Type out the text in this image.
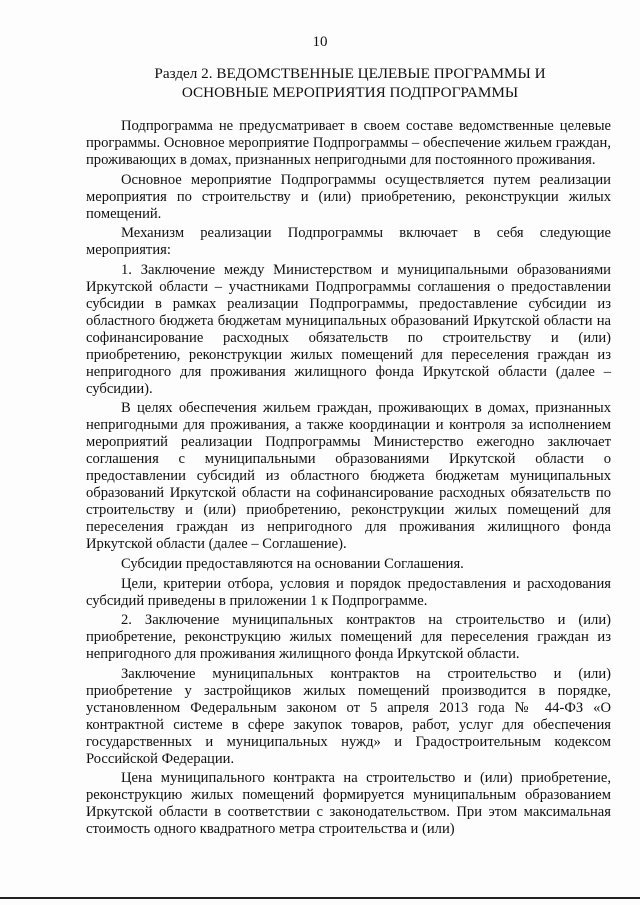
10
Раздел 2. ВЕДОМСТВЕННЫЕ ЦЕЛЕВЫЕ ПРОГРАММЫ И
ОСНОВНЫЕ МЕРОПРИЯТИЯ ПОДПРОГРАММЫ

Подпрограмма не предусматривает в своем составе ведомственные целевые программы. Основное мероприятие Подпрограммы – обеспечение жильем граждан, проживающих в домах, признанных непригодными для постоянного проживания.

Основное мероприятие Подпрограммы осуществляется путем реализации мероприятия по строительству и (или) приобретению, реконструкции жилых помещений.

Механизм реализации Подпрограммы включает в себя следующие мероприятия:

1. Заключение между Министерством и муниципальными образованиями Иркутской области – участниками Подпрограммы соглашения о предоставлении субсидии в рамках реализации Подпрограммы, предоставление субсидии из областного бюджета бюджетам муниципальных образований Иркутской области на софинансирование расходных обязательств по строительству и (или) приобретению, реконструкции жилых помещений для переселения граждан из непригодного для проживания жилищного фонда Иркутской области (далее – субсидии).

В целях обеспечения жильем граждан, проживающих в домах, признанных непригодными для проживания, а также координации и контроля за исполнением мероприятий реализации Подпрограммы Министерство ежегодно заключает соглашения с муниципальными образованиями Иркутской области о предоставлении субсидий из областного бюджета бюджетам муниципальных образований Иркутской области на софинансирование расходных обязательств по строительству и (или) приобретению, реконструкции жилых помещений для переселения граждан из непригодного для проживания жилищного фонда Иркутской области (далее – Соглашение).

Субсидии предоставляются на основании Соглашения.

Цели, критерии отбора, условия и порядок предоставления и расходования субсидий приведены в приложении 1 к Подпрограмме.

2. Заключение муниципальных контрактов на строительство и (или) приобретение, реконструкцию жилых помещений для переселения граждан из непригодного для проживания жилищного фонда Иркутской области.

Заключение муниципальных контрактов на строительство и (или) приобретение у застройщиков жилых помещений производится в порядке, установленном Федеральным законом от 5 апреля 2013 года № 44-ФЗ «О контрактной системе в сфере закупок товаров, работ, услуг для обеспечения государственных и муниципальных нужд» и Градостроительным кодексом Российской Федерации.

Цена муниципального контракта на строительство и (или) приобретение, реконструкцию жилых помещений формируется муниципальным образованием Иркутской области в соответствии с законодательством. При этом максимальная стоимость одного квадратного метра строительства и (или)
